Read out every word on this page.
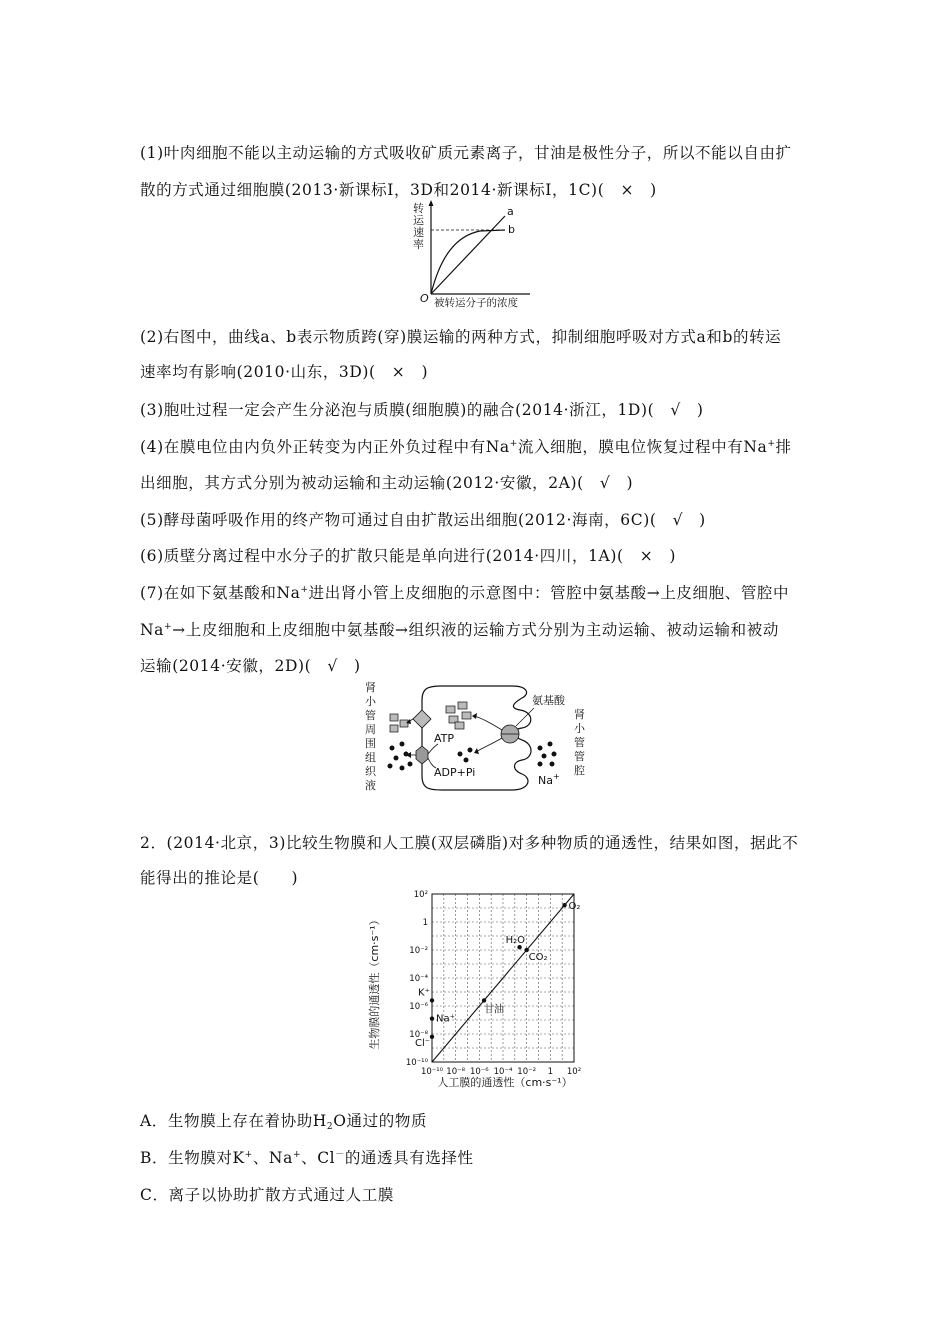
(1)叶肉细胞不能以主动运输的方式吸收矿质元素离子，甘油是极性分子，所以不能以自由扩
散的方式通过细胞膜(2013·新课标Ⅰ，3D和2014·新课标Ⅰ，1C)(　×　)
转
运
速
率
a
b
O 被转运分子的浓度
(2)右图中，曲线a、b表示物质跨(穿)膜运输的两种方式，抑制细胞呼吸对方式a和b的转运
速率均有影响(2010·山东，3D)(　×　)
(3)胞吐过程一定会产生分泌泡与质膜(细胞膜)的融合(2014·浙江，1D)(　√　)
(4)在膜电位由内负外正转变为内正外负过程中有Na+流入细胞，膜电位恢复过程中有Na+排
出细胞，其方式分别为被动运输和主动运输(2012·安徽，2A)(　√　)
(5)酵母菌呼吸作用的终产物可通过自由扩散运出细胞(2012·海南，6C)(　√　)
(6)质壁分离过程中水分子的扩散只能是单向进行(2014·四川，1A)(　×　)
(7)在如下氨基酸和Na+进出肾小管上皮细胞的示意图中：管腔中氨基酸→上皮细胞、管腔中
Na+→上皮细胞和上皮细胞中氨基酸→组织液的运输方式分别为主动运输、被动运输和被动
运输(2014·安徽，2D)(　√　)
肾
小
管
周
围
组
织
液
肾
小
管
管
腔
ATP
ADP+Pi
氨基酸
Na+
2．(2014·北京，3)比较生物膜和人工膜(双层磷脂)对多种物质的通透性，结果如图，据此不
能得出的推论是(　　)
生物膜的通透性（cm·s⁻¹）
人工膜的通透性（cm·s⁻¹）
10⁻¹⁰ 10⁻⁸ 10⁻⁶ 10⁻⁴ 10⁻² 1 10²
10⁻¹⁰
10⁻⁸
10⁻⁶
10⁻⁴
10⁻²
1
10²
O₂
H₂O
CO₂
甘油
K⁺
Na⁺
Cl⁻
A．生物膜上存在着协助$H_2O$通过的物质
B．生物膜对K+、Na+、Cl－的通透具有选择性
C．离子以协助扩散方式通过人工膜
